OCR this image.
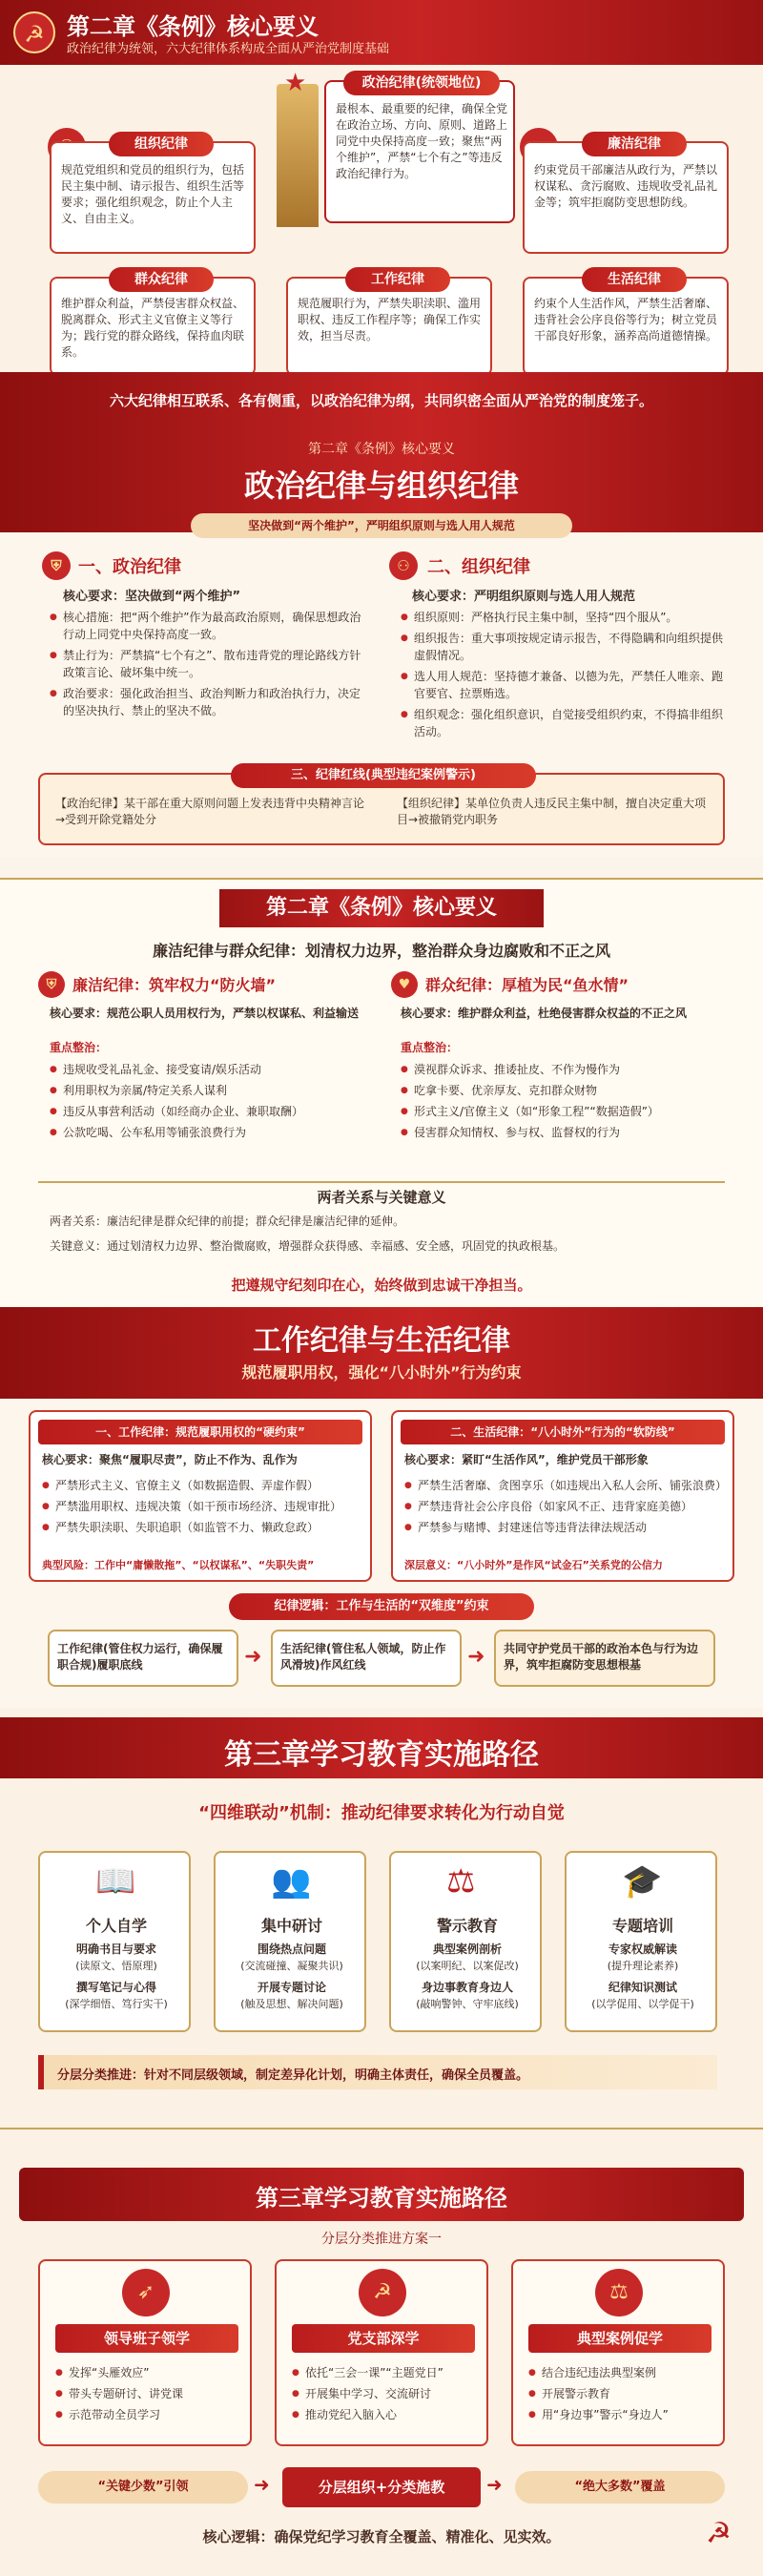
☭ 第二章《条例》核心要义
政治纪律为统领，六大纪律体系构成全面从严治党制度基础
★	政治纪律(统领地位)
最根本、最重要的纪律，确保全党在政治立场、方向、原则、道路上同党中央保持高度一致；聚焦“两个维护”，严禁“七个有之”等违反政治纪律行为。
组织纪律
规范党组织和党员的组织行为，包括民主集中制、请示报告、组织生活等要求；强化组织观念，防止个人主义、自由主义。
廉洁纪律
约束党员干部廉洁从政行为，严禁以权谋私、贪污腐败、违规收受礼品礼金等；筑牢拒腐防变思想防线。
群众纪律
维护群众利益，严禁侵害群众权益、脱离群众、形式主义官僚主义等行为；践行党的群众路线，保持血肉联系。
工作纪律
规范履职行为，严禁失职渎职、滥用职权、违反工作程序等；确保工作实效，担当尽责。
生活纪律
约束个人生活作风，严禁生活奢靡、违背社会公序良俗等行为；树立党员干部良好形象，涵养高尚道德情操。
六大纪律相互联系、各有侧重，以政治纪律为纲，共同织密全面从严治党的制度笼子。
第二章《条例》核心要义
政治纪律与组织纪律
坚决做到“两个维护”，严明组织原则与选人用人规范
⛨ 一、政治纪律
核心要求：坚决做到“两个维护”
● 核心措施：把“两个维护”作为最高政治原则，确保思想政治行动上同党中央保持高度一致。
● 禁止行为：严禁搞“七个有之”、散布违背党的理论路线方针政策言论、破坏集中统一。
● 政治要求：强化政治担当、政治判断力和政治执行力，决定的坚决执行、禁止的坚决不做。
⚇	二、组织纪律
核心要求：严明组织原则与选人用人规范
● 组织原则：严格执行民主集中制，坚持“四个服从”。
● 组织报告：重大事项按规定请示报告，不得隐瞒和向组织提供虚假情况。
● 选人用人规范：坚持德才兼备、以德为先，严禁任人唯亲、跑官要官、拉票贿选。
● 组织观念：强化组织意识，自觉接受组织约束，不得搞非组织活动。
三、纪律红线(典型违纪案例警示)
【政治纪律】某干部在重大原则问题上发表违背中央精神言论→受到开除党籍处分
【组织纪律】某单位负责人违反民主集中制，擅自决定重大项目→被撤销党内职务
第二章《条例》核心要义
廉洁纪律与群众纪律：划清权力边界，整治群众身边腐败和不正之风
⛨	廉洁纪律：筑牢权力“防火墙”
核心要求：规范公职人员用权行为，严禁以权谋私、利益输送
重点整治：
● 违规收受礼品礼金、接受宴请/娱乐活动
● 利用职权为亲属/特定关系人谋利
● 违反从事营利活动（如经商办企业、兼职取酬）
● 公款吃喝、公车私用等铺张浪费行为
♥ 群众纪律：厚植为民“鱼水情”
核心要求：维护群众利益，杜绝侵害群众权益的不正之风
重点整治：
● 漠视群众诉求、推诿扯皮、不作为慢作为
● 吃拿卡要、优亲厚友、克扣群众财物
● 形式主义/官僚主义（如“形象工程”“数据造假”）
● 侵害群众知情权、参与权、监督权的行为
两者关系与关键意义
两者关系：廉洁纪律是群众纪律的前提；群众纪律是廉洁纪律的延伸。
关键意义：通过划清权力边界、整治微腐败，增强群众获得感、幸福感、安全感，巩固党的执政根基。
把遵规守纪刻印在心，始终做到忠诚干净担当。
工作纪律与生活纪律
规范履职用权，强化“八小时外”行为约束
一、工作纪律：规范履职用权的“硬约束”
核心要求：聚焦“履职尽责”，防止不作为、乱作为
● 严禁形式主义、官僚主义（如数据造假、弄虚作假）
● 严禁滥用职权、违规决策（如干预市场经济、违规审批）
● 严禁失职渎职、失职追职（如监管不力、懒政怠政）
典型风险：工作中“庸懒散拖”、“以权谋私”、“失职失责”
二、生活纪律：“八小时外”行为的“软防线”
核心要求：紧盯“生活作风”，维护党员干部形象
● 严禁生活奢靡、贪图享乐（如违规出入私人会所、铺张浪费）
● 严禁违背社会公序良俗（如家风不正、违背家庭美德）
● 严禁参与赌博、封建迷信等违背法律法规活动
深层意义：“八小时外”是作风“试金石”关系党的公信力
纪律逻辑：工作与生活的“双维度”约束
工作纪律(管住权力运行，确保履职合规)履职底线	➜ 生活纪律(管住私人领域，防止作风滑坡)作风红线	➜ 共同守护党员干部的政治本色与行为边界，筑牢拒腐防变思想根基
第三章学习教育实施路径
“四维联动”机制：推动纪律要求转化为行动自觉
📖
个人自学
明确书目与要求
(读原文、悟原理)
撰写笔记与心得
(深学细悟、笃行实干)
👥
集中研讨
围绕热点问题
(交流碰撞、凝聚共识)
开展专题讨论
(触及思想、解决问题)
⚖
警示教育
典型案例剖析
(以案明纪、以案促改)
身边事教育身边人
(敲响警钟、守牢底线)
🎓
专题培训
专家权威解读
(提升理论素养)
纪律知识测试
(以学促用、以学促干)
分层分类推进：针对不同层级领域，制定差异化计划，明确主体责任，确保全员覆盖。
第三章学习教育实施路径
分层分类推进方案一
➶
领导班子领学
● 发挥“头雁效应”
● 带头专题研讨、讲党课
● 示范带动全员学习
☭
党支部深学
● 依托“三会一课”“主题党日”
● 开展集中学习、交流研讨
● 推动党纪入脑入心
⚖
典型案例促学
● 结合违纪违法典型案例
● 开展警示教育
● 用“身边事”警示“身边人”
“关键少数”引领	➜	分层组织+分类施教	➜	“绝大多数”覆盖
核心逻辑：确保党纪学习教育全覆盖、精准化、见实效。	☭
